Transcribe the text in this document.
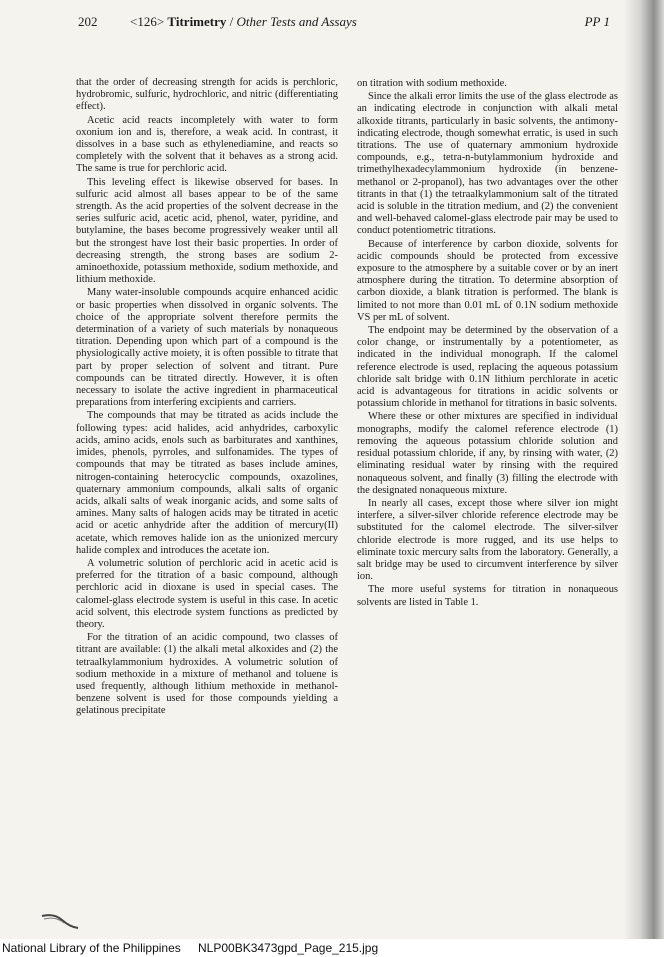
202	<126> Titrimetry / Other Tests and Assays	PP 1

that the order of decreasing strength for acids is perchloric, hydrobromic, sulfuric, hydrochloric, and nitric (differentiating effect).

Acetic acid reacts incompletely with water to form oxonium ion and is, therefore, a weak acid. In contrast, it dissolves in a base such as ethylenediamine, and reacts so completely with the solvent that it behaves as a strong acid. The same is true for perchloric acid.

This leveling effect is likewise observed for bases. In sulfuric acid almost all bases appear to be of the same strength. As the acid properties of the solvent decrease in the series sulfuric acid, acetic acid, phenol, water, pyridine, and butylamine, the bases become progressively weaker until all but the strongest have lost their basic properties. In order of decreasing strength, the strong bases are sodium 2-aminoethoxide, potassium methoxide, sodium methoxide, and lithium methoxide.

Many water-insoluble compounds acquire enhanced acidic or basic properties when dissolved in organic solvents. The choice of the appropriate solvent therefore permits the determination of a variety of such materials by nonaqueous titration. Depending upon which part of a compound is the physiologically active moiety, it is often possible to titrate that part by proper selection of solvent and titrant. Pure compounds can be titrated directly. However, it is often necessary to isolate the active ingredient in pharmaceutical preparations from interfering excipients and carriers.

The compounds that may be titrated as acids include the following types: acid halides, acid anhydrides, carboxylic acids, amino acids, enols such as barbiturates and xanthines, imides, phenols, pyrroles, and sulfonamides. The types of compounds that may be titrated as bases include amines, nitrogen-containing heterocyclic compounds, oxazolines, quaternary ammonium compounds, alkali salts of organic acids, alkali salts of weak inorganic acids, and some salts of amines. Many salts of halogen acids may be titrated in acetic acid or acetic anhydride after the addition of mercury(II) acetate, which removes halide ion as the unionized mercury halide complex and introduces the acetate ion.

A volumetric solution of perchloric acid in acetic acid is preferred for the titration of a basic compound, although perchloric acid in dioxane is used in special cases. The calomel-glass electrode system is useful in this case. In acetic acid solvent, this electrode system functions as predicted by theory.

For the titration of an acidic compound, two classes of titrant are available: (1) the alkali metal alkoxides and (2) the tetraalkylammonium hydroxides. A volumetric solution of sodium methoxide in a mixture of methanol and toluene is used frequently, although lithium methoxide in methanol-benzene solvent is used for those compounds yielding a gelatinous precipitate

on titration with sodium methoxide.

Since the alkali error limits the use of the glass electrode as an indicating electrode in conjunction with alkali metal alkoxide titrants, particularly in basic solvents, the antimony-indicating electrode, though somewhat erratic, is used in such titrations. The use of quaternary ammonium hydroxide compounds, e.g., tetra-n-butylammonium hydroxide and trimethylhexadecylammonium hydroxide (in benzene-methanol or 2-propanol), has two advantages over the other titrants in that (1) the tetraalkylammonium salt of the titrated acid is soluble in the titration medium, and (2) the convenient and well-behaved calomel-glass electrode pair may be used to conduct potentiometric titrations.

Because of interference by carbon dioxide, solvents for acidic compounds should be protected from excessive exposure to the atmosphere by a suitable cover or by an inert atmosphere during the titration. To determine absorption of carbon dioxide, a blank titration is performed. The blank is limited to not more than 0.01 mL of 0.1N sodium methoxide VS per mL of solvent.

The endpoint may be determined by the observation of a color change, or instrumentally by a potentiometer, as indicated in the individual monograph. If the calomel reference electrode is used, replacing the aqueous potassium chloride salt bridge with 0.1N lithium perchlorate in acetic acid is advantageous for titrations in acidic solvents or potassium chloride in methanol for titrations in basic solvents.

Where these or other mixtures are specified in individual monographs, modify the calomel reference electrode (1) removing the aqueous potassium chloride solution and residual potassium chloride, if any, by rinsing with water, (2) eliminating residual water by rinsing with the required nonaqueous solvent, and finally (3) filling the electrode with the designated nonaqueous mixture.

In nearly all cases, except those where silver ion might interfere, a silver-silver chloride reference electrode may be substituted for the calomel electrode. The silver-silver chloride electrode is more rugged, and its use helps to eliminate toxic mercury salts from the laboratory. Generally, a salt bridge may be used to circumvent interference by silver ion.

The more useful systems for titration in nonaqueous solvents are listed in Table 1.

National Library of the Philippines NLP00BK3473gpd_Page_215.jpg
